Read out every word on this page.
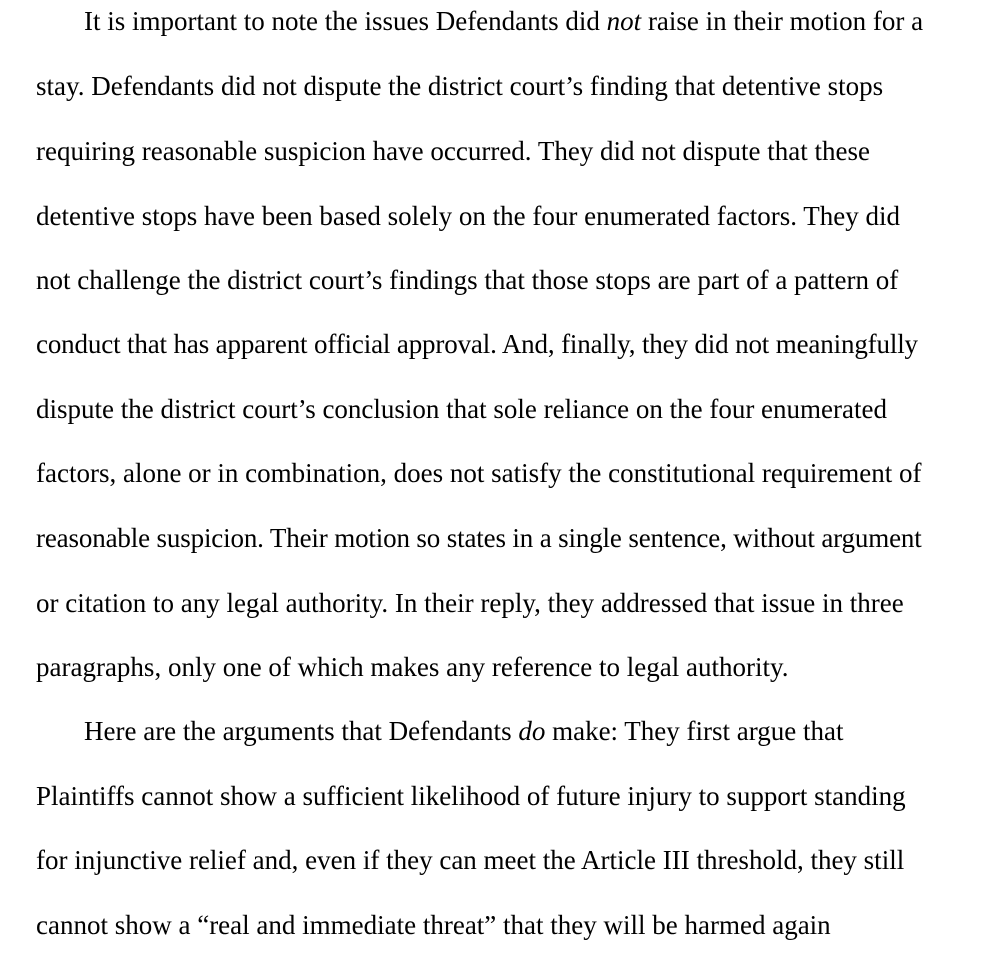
It is important to note the issues Defendants did not raise in their motion for a
stay. Defendants did not dispute the district court’s finding that detentive stops
requiring reasonable suspicion have occurred. They did not dispute that these
detentive stops have been based solely on the four enumerated factors. They did
not challenge the district court’s findings that those stops are part of a pattern of
conduct that has apparent official approval. And, finally, they did not meaningfully
dispute the district court’s conclusion that sole reliance on the four enumerated
factors, alone or in combination, does not satisfy the constitutional requirement of
reasonable suspicion. Their motion so states in a single sentence, without argument
or citation to any legal authority. In their reply, they addressed that issue in three
paragraphs, only one of which makes any reference to legal authority.
Here are the arguments that Defendants do make: They first argue that
Plaintiffs cannot show a sufficient likelihood of future injury to support standing
for injunctive relief and, even if they can meet the Article III threshold, they still
cannot show a “real and immediate threat” that they will be harmed again
